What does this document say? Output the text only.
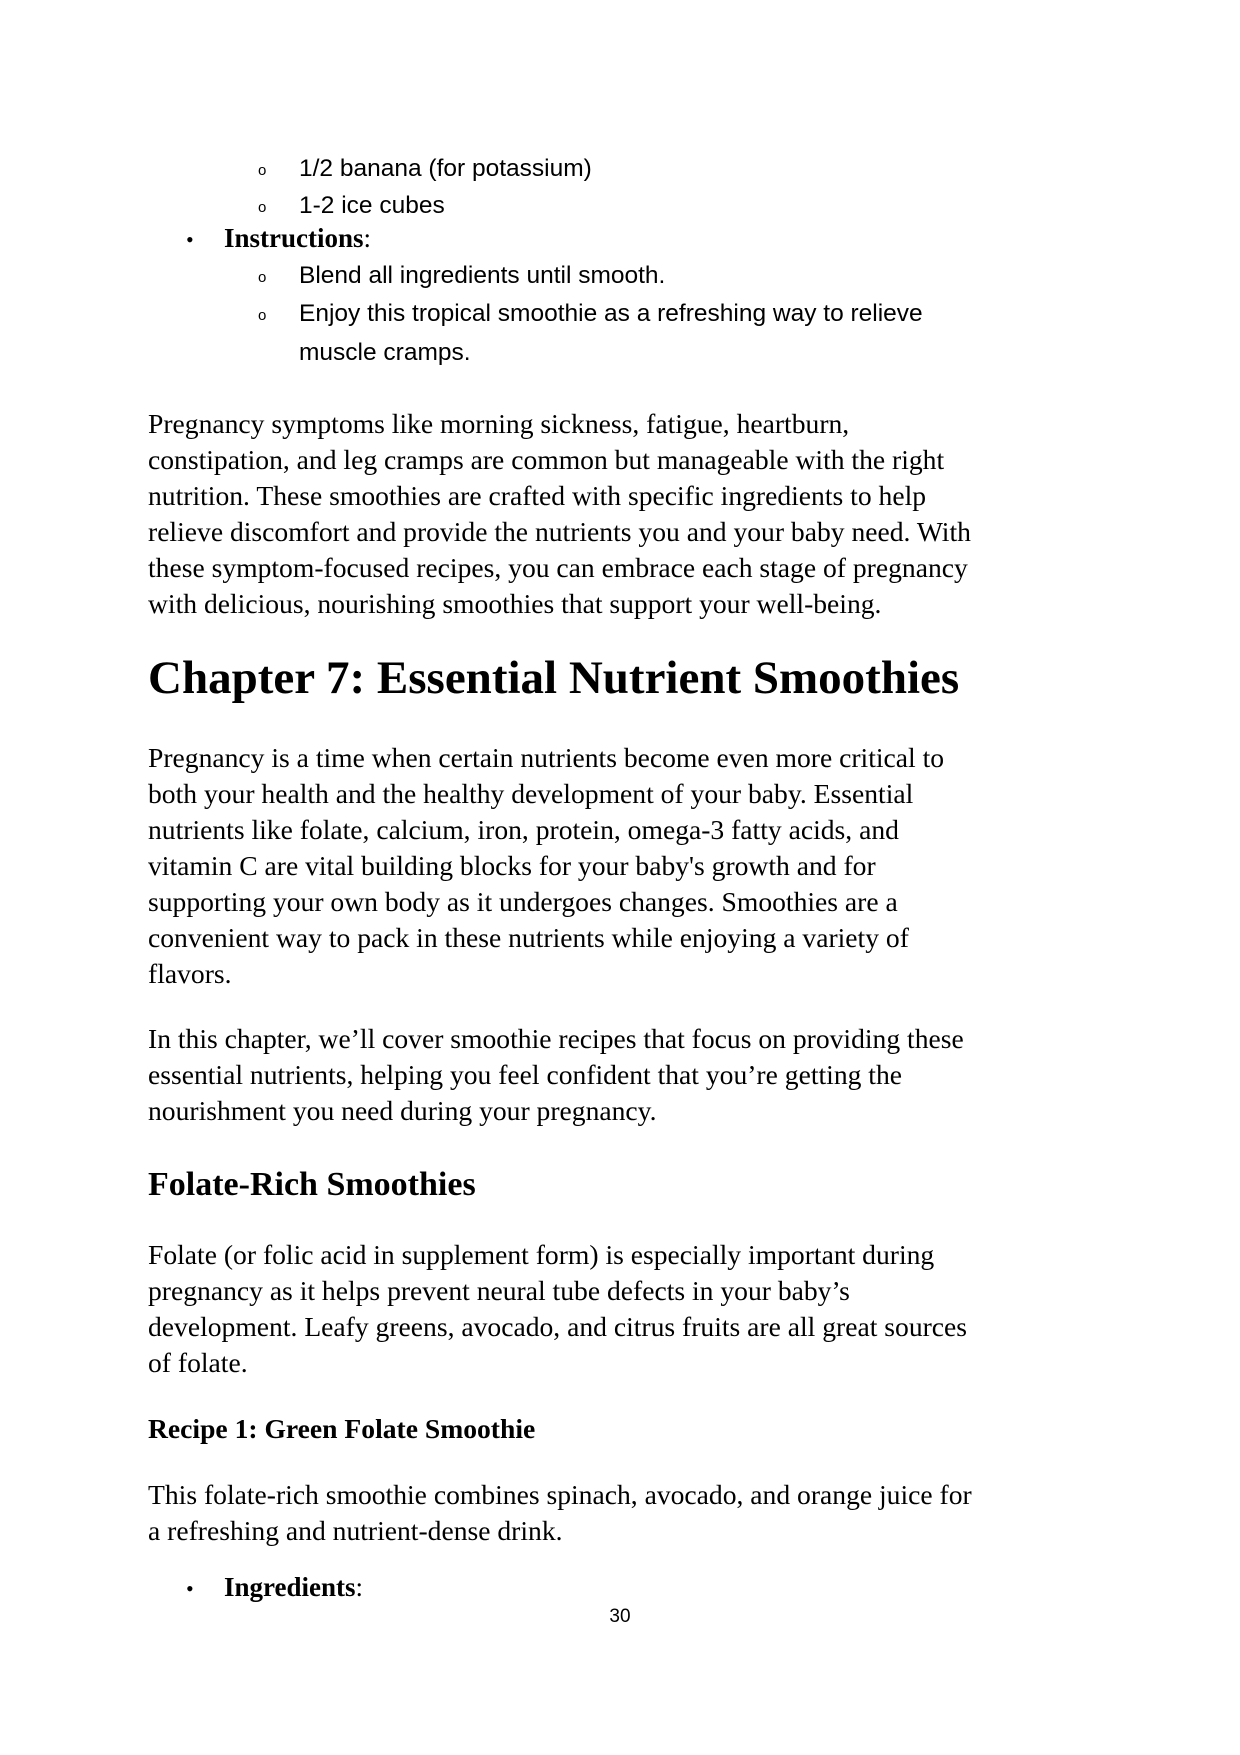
o 1/2 banana (for potassium)
o 1-2 ice cubes
• Instructions:
o Blend all ingredients until smooth.
o Enjoy this tropical smoothie as a refreshing way to relieve
muscle cramps.
Pregnancy symptoms like morning sickness, fatigue, heartburn,
constipation, and leg cramps are common but manageable with the right
nutrition. These smoothies are crafted with specific ingredients to help
relieve discomfort and provide the nutrients you and your baby need. With
these symptom-focused recipes, you can embrace each stage of pregnancy
with delicious, nourishing smoothies that support your well-being.
Chapter 7: Essential Nutrient Smoothies
Pregnancy is a time when certain nutrients become even more critical to
both your health and the healthy development of your baby. Essential
nutrients like folate, calcium, iron, protein, omega-3 fatty acids, and
vitamin C are vital building blocks for your baby's growth and for
supporting your own body as it undergoes changes. Smoothies are a
convenient way to pack in these nutrients while enjoying a variety of
flavors.
In this chapter, we’ll cover smoothie recipes that focus on providing these
essential nutrients, helping you feel confident that you’re getting the
nourishment you need during your pregnancy.
Folate-Rich Smoothies
Folate (or folic acid in supplement form) is especially important during
pregnancy as it helps prevent neural tube defects in your baby’s
development. Leafy greens, avocado, and citrus fruits are all great sources
of folate.
Recipe 1: Green Folate Smoothie
This folate-rich smoothie combines spinach, avocado, and orange juice for
a refreshing and nutrient-dense drink.
• Ingredients:
30
